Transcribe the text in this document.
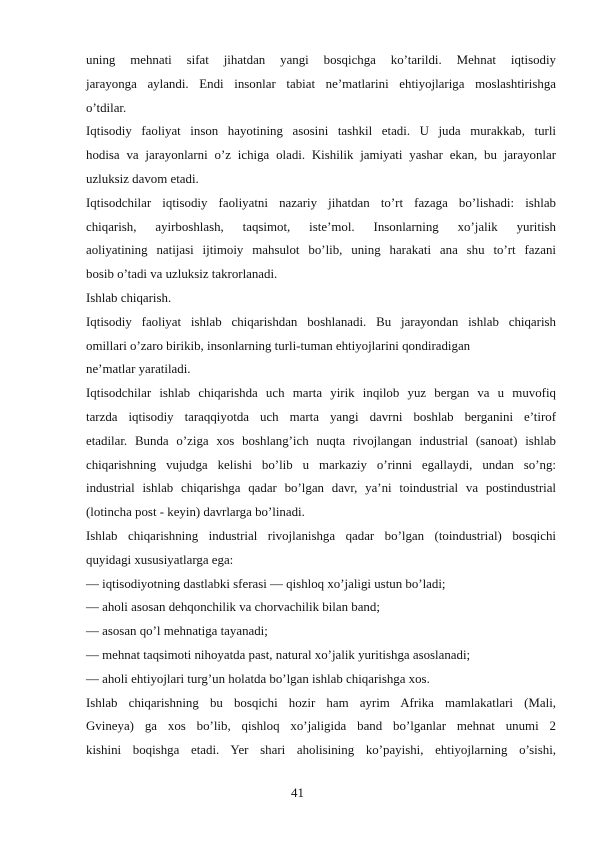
uning mehnati sifat jihatdan yangi bosqichga ko’tarildi. Mehnat iqtisodiy
jarayonga aylandi. Endi insonlar tabiat ne’matlarini ehtiyojlariga moslashtirishga
o’tdilar.
Iqtisodiy faoliyat inson hayotining asosini tashkil etadi. U juda murakkab, turli
hodisa va jarayonlarni o’z ichiga oladi. Kishilik jamiyati yashar ekan, bu jarayonlar
uzluksiz davom etadi.
Iqtisodchilar iqtisodiy faoliyatni nazariy jihatdan to’rt fazaga bo’lishadi: ishlab
chiqarish, ayirboshlash, taqsimot, iste’mol. Insonlarning xo’jalik yuritish
aoliyatining natijasi ijtimoiy mahsulot bo’lib, uning harakati ana shu to’rt fazani
bosib o’tadi va uzluksiz takrorlanadi.
Ishlab chiqarish.
Iqtisodiy faoliyat ishlab chiqarishdan boshlanadi. Bu jarayondan ishlab chiqarish
omillari o’zaro birikib, insonlarning turli-tuman ehtiyojlarini qondiradigan
ne’matlar yaratiladi.
Iqtisodchilar ishlab chiqarishda uch marta yirik inqilob yuz bergan va u muvofiq
tarzda iqtisodiy taraqqiyotda uch marta yangi davrni boshlab berganini e’tirof
etadilar. Bunda o’ziga xos boshlang’ich nuqta rivojlangan industrial (sanoat) ishlab
chiqarishning vujudga kelishi bo’lib u markaziy o’rinni egallaydi, undan so’ng:
industrial ishlab chiqarishga qadar bo’lgan davr, ya’ni toindustrial va postindustrial
(lotincha post - keyin) davrlarga bo’linadi.
Ishlab chiqarishning industrial rivojlanishga qadar bo’lgan (toindustrial) bosqichi
quyidagi xususiyatlarga ega:
— iqtisodiyotning dastlabki sferasi — qishloq xo’jaligi ustun bo’ladi;
— aholi asosan dehqonchilik va chorvachilik bilan band;
— asosan qo’l mehnatiga tayanadi;
— mehnat taqsimoti nihoyatda past, natural xo’jalik yuritishga asoslanadi;
— aholi ehtiyojlari turg’un holatda bo’lgan ishlab chiqarishga xos.
Ishlab chiqarishning bu bosqichi hozir ham ayrim Afrika mamlakatlari (Mali,
Gvineya) ga xos bo’lib, qishloq xo’jaligida band bo’lganlar mehnat unumi 2
kishini boqishga etadi. Yer shari aholisining ko’payishi, ehtiyojlarning o’sishi,
41
